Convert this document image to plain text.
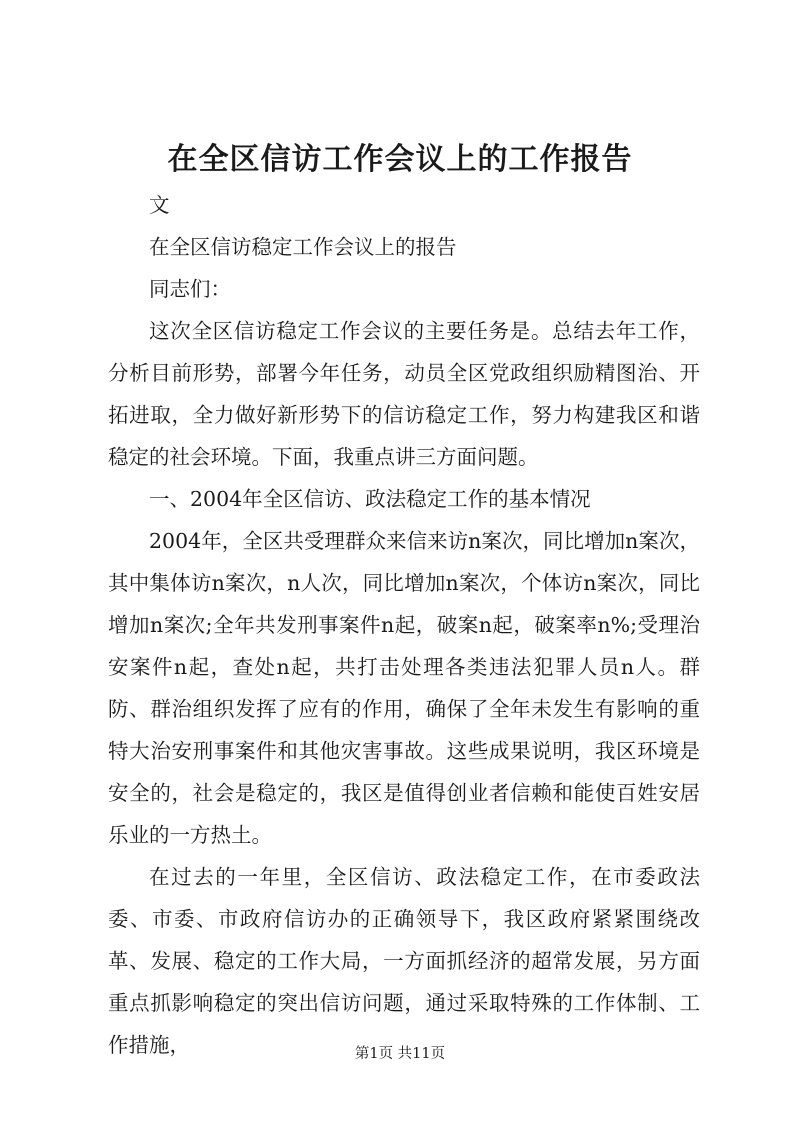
在全区信访工作会议上的工作报告

文

在全区信访稳定工作会议上的报告

同志们：

这次全区信访稳定工作会议的主要任务是。总结去年工作，分析目前形势，部署今年任务，动员全区党政组织励精图治、开拓进取，全力做好新形势下的信访稳定工作，努力构建我区和谐稳定的社会环境。下面，我重点讲三方面问题。

一、2004年全区信访、政法稳定工作的基本情况

2004年，全区共受理群众来信来访n案次，同比增加n案次，其中集体访n案次，n人次，同比增加n案次，个体访n案次，同比增加n案次;全年共发刑事案件n起，破案n起，破案率n%;受理治安案件n起，查处n起，共打击处理各类违法犯罪人员n人。群防、群治组织发挥了应有的作用，确保了全年未发生有影响的重特大治安刑事案件和其他灾害事故。这些成果说明，我区环境是安全的，社会是稳定的，我区是值得创业者信赖和能使百姓安居乐业的一方热土。

在过去的一年里，全区信访、政法稳定工作，在市委政法委、市委、市政府信访办的正确领导下，我区政府紧紧围绕改革、发展、稳定的工作大局，一方面抓经济的超常发展，另方面重点抓影响稳定的突出信访问题，通过采取特殊的工作体制、工作措施，	第1页 共11页
